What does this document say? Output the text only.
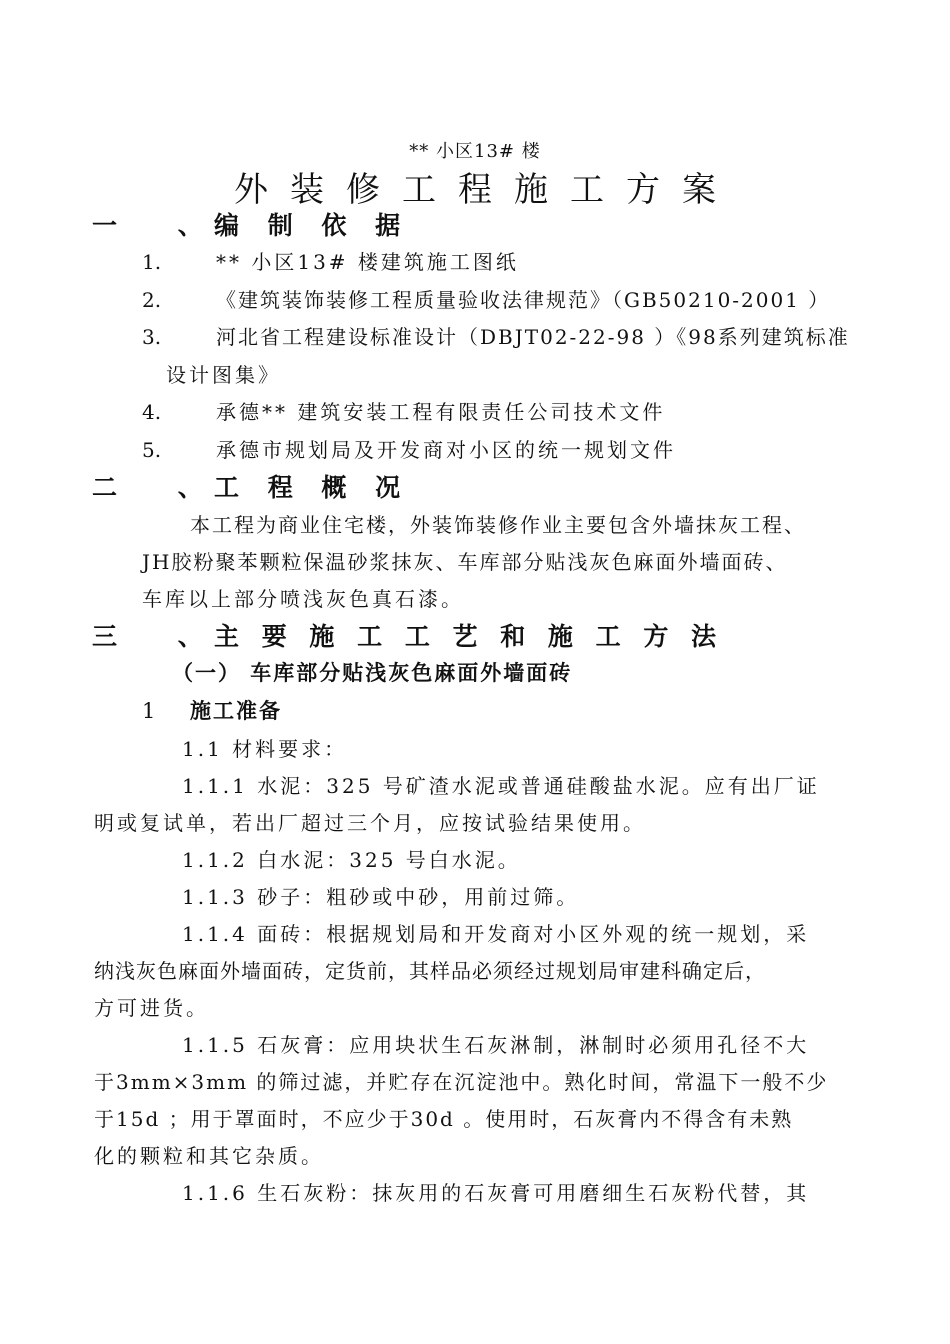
** 小区13# 楼
外装修工程施工方案
一 、
编 制 依 据
1.	** 小区13# 楼建筑施工图纸
2.	《建筑装饰装修工程质量验收法律规范》（GB50210-2001 ）
3.	河北省工程建设标准设计（DBJT02-22-98 ）《98系列建筑标准
设计图集》
4.	承德** 建筑安装工程有限责任公司技术文件
5.	承德市规划局及开发商对小区的统一规划文件
二 、
工 程 概 况
本工程为商业住宅楼，外装饰装修作业主要包含外墙抹灰工程、
JH胶粉聚苯颗粒保温砂浆抹灰、车库部分贴浅灰色麻面外墙面砖、
车库以上部分喷浅灰色真石漆。
三 、
主 要 施 工 工 艺 和 施 工 方 法
（一） 车库部分贴浅灰色麻面外墙面砖
1 施工准备
1.1 材料要求：
1.1.1 水泥：325 号矿渣水泥或普通硅酸盐水泥。应有出厂证
明或复试单，若出厂超过三个月，应按试验结果使用。
1.1.2 白水泥：325 号白水泥。
1.1.3 砂子：粗砂或中砂，用前过筛。
1.1.4 面砖：根据规划局和开发商对小区外观的统一规划，采
纳浅灰色麻面外墙面砖，定货前，其样品必须经过规划局审建科确定后，
方可进货。
1.1.5 石灰膏：应用块状生石灰淋制，淋制时必须用孔径不大
于3mm×3mm 的筛过滤，并贮存在沉淀池中。熟化时间，常温下一般不少
于15d ；用于罩面时，不应少于30d 。使用时，石灰膏内不得含有未熟
化的颗粒和其它杂质。
1.1.6 生石灰粉：抹灰用的石灰膏可用磨细生石灰粉代替，其
